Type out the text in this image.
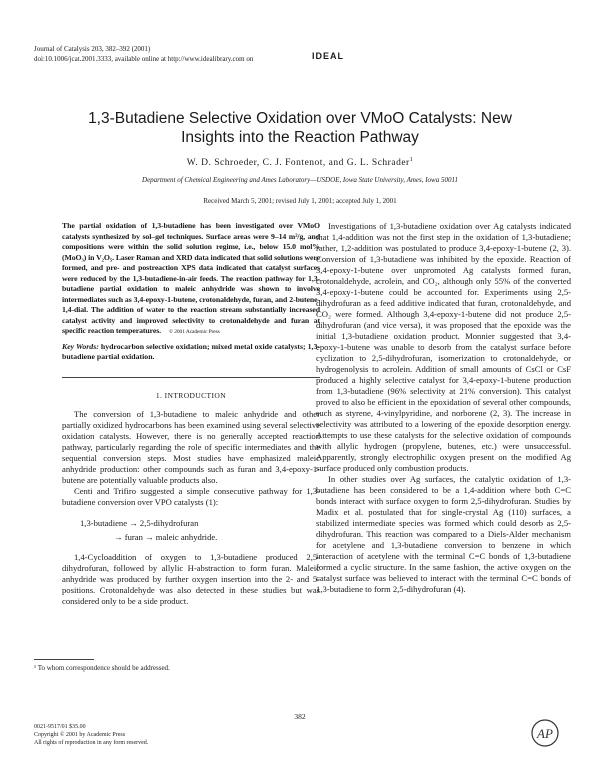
Journal of Catalysis 203, 382–392 (2001)
doi:10.1006/jcat.2001.3333, available online at http://www.idealibrary.com on	IDEAL
1,3-Butadiene Selective Oxidation over VMoO Catalysts: New Insights into the Reaction Pathway
W. D. Schroeder, C. J. Fontenot, and G. L. Schrader$^1$
Department of Chemical Engineering and Ames Laboratory—USDOE, Iowa State University, Ames, Iowa 50011
Received March 5, 2001; revised July 1, 2001; accepted July 1, 2001
The partial oxidation of 1,3-butadiene has been investigated over VMoO catalysts synthesized by sol–gel techniques. Surface areas were 9–14 m²/g, and compositions were within the solid solution regime, i.e., below 15.0 mol% (MoO₃) in V₂O₅. Laser Raman and XRD data indicated that solid solutions were formed, and pre- and postreaction XPS data indicated that catalyst surfaces were reduced by the 1,3-butadiene-in-air feeds. The reaction pathway for 1,3-butadiene partial oxidation to maleic anhydride was shown to involve intermediates such as 3,4-epoxy-1-butene, crotonaldehyde, furan, and 2-butene-1,4-dial. The addition of water to the reaction stream substantially increased catalyst activity and improved selectivity to crotonaldehyde and furan at specific reaction temperatures. © 2001 Academic Press
Key Words: hydrocarbon selective oxidation; mixed metal oxide catalysts; 1,3-butadiene partial oxidation.
1. INTRODUCTION

The conversion of 1,3-butadiene to maleic anhydride and other partially oxidized hydrocarbons has been examined using several selective oxidation catalysts. However, there is no generally accepted reaction pathway, particularly regarding the role of specific intermediates and the sequential conversion steps. Most studies have emphasized maleic anhydride production: other compounds such as furan and 3,4-epoxy-1-butene are potentially valuable products also.

Centi and Trifiro suggested a simple consecutive pathway for 1,3-butadiene conversion over VPO catalysts (1):

1,3-butadiene → 2,5-dihydrofuran
→ furan → maleic anhydride.

1,4-Cycloaddition of oxygen to 1,3-butadiene produced 2,5-dihydrofuran, followed by allylic H-abstraction to form furan. Maleic anhydride was produced by further oxygen insertion into the 2- and 5-positions. Crotonaldehyde was also detected in these studies but was considered only to be a side product.

Investigations of 1,3-butadiene oxidation over Ag catalysts indicated that 1,4-addition was not the first step in the oxidation of 1,3-butadiene; rather, 1,2-addition was postulated to produce 3,4-epoxy-1-butene (2, 3). Conversion of 1,3-butadiene was inhibited by the epoxide. Reaction of 3,4-epoxy-1-butene over unpromoted Ag catalysts formed furan, crotonaldehyde, acrolein, and CO₂, although only 55% of the converted 3,4-epoxy-1-butene could be accounted for. Experiments using 2,5-dihydrofuran as a feed additive indicated that furan, crotonaldehyde, and CO₂ were formed. Although 3,4-epoxy-1-butene did not produce 2,5-dihydrofuran (and vice versa), it was proposed that the epoxide was the initial 1,3-butadiene oxidation product. Monnier suggested that 3,4-epoxy-1-butene was unable to desorb from the catalyst surface before cyclization to 2,5-dihydrofuran, isomerization to crotonaldehyde, or hydrogenolysis to acrolein. Addition of small amounts of CsCl or CsF produced a highly selective catalyst for 3,4-epoxy-1-butene production from 1,3-butadiene (96% selectivity at 21% conversion). This catalyst proved to also be efficient in the epoxidation of several other compounds, such as styrene, 4-vinylpyridine, and norborene (2, 3). The increase in selectivity was attributed to a lowering of the epoxide desorption energy. Attempts to use these catalysts for the selective oxidation of compounds with allylic hydrogen (propylene, butenes, etc.) were unsuccessful. Apparently, strongly electrophilic oxygen present on the modified Ag surface produced only combustion products.

In other studies over Ag surfaces, the catalytic oxidation of 1,3-butadiene has been considered to be a 1,4-addition where both C=C bonds interact with surface oxygen to form 2,5-dihydrofuran. Studies by Madix et al. postulated that for single-crystal Ag (110) surfaces, a stabilized intermediate species was formed which could desorb as 2,5-dihydrofuran. This reaction was compared to a Diels-Alder mechanism for acetylene and 1,3-butadiene conversion to benzene in which interaction of acetylene with the terminal C=C bonds of 1,3-butadiene formed a cyclic structure. In the same fashion, the active oxygen on the catalyst surface was believed to interact with the terminal C=C bonds of 1,3-butadiene to form 2,5-dihydrofuran (4).

¹ To whom correspondence should be addressed.
382
0021-9517/01 $35.00
Copyright © 2001 by Academic Press
All rights of reproduction in any form reserved.
AP
